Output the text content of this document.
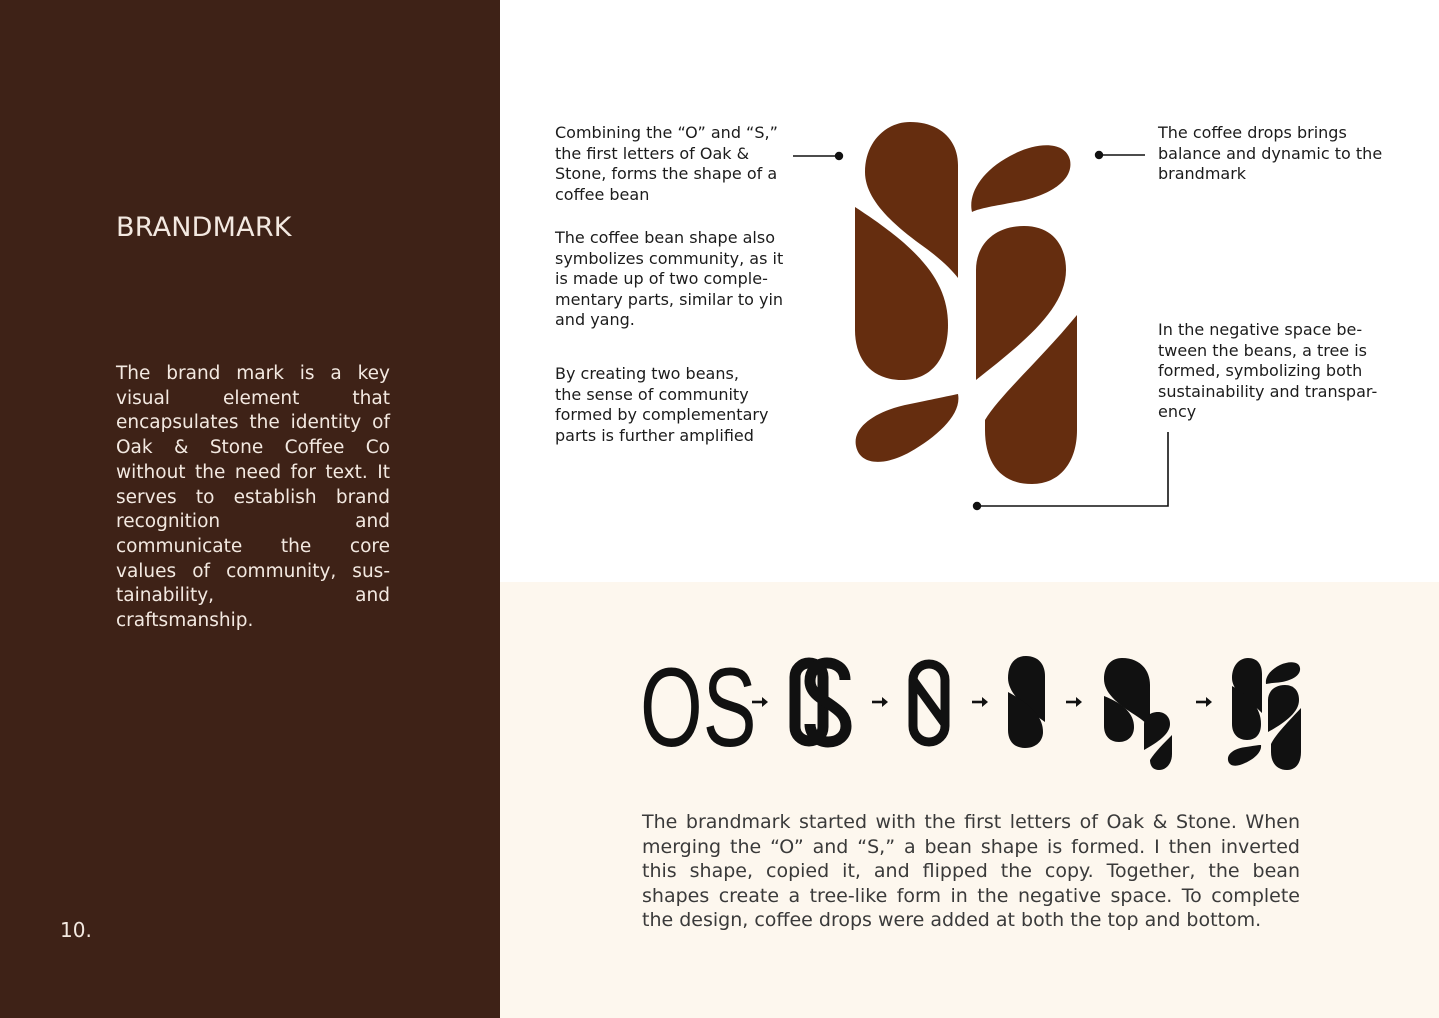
BRANDMARK

The brand mark is a key visual element that encapsulates the identity of Oak & Stone Coffee Co without the need for text. It serves to establish brand recognition and communicate the core values of community, sustainability, and craftsmanship.

10.

Combining the “O” and “S,”
the first letters of Oak &
Stone, forms the shape of a
coffee bean

The coffee bean shape also
symbolizes community, as it
is made up of two comple-
mentary parts, similar to yin
and yang.

By creating two beans,
the sense of community
formed by complementary
parts is further amplified

The coffee drops brings
balance and dynamic to the
brandmark

In the negative space be-
tween the beans, a tree is
formed, symbolizing both
sustainability and transpar-
ency

OS

The brandmark started with the first letters of Oak & Stone. When merging the “O” and “S,” a bean shape is formed. I then inverted this shape, copied it, and flipped the copy. Together, the bean shapes create a tree-like form in the negative space. To complete the design, coffee drops were added at both the top and bottom.
